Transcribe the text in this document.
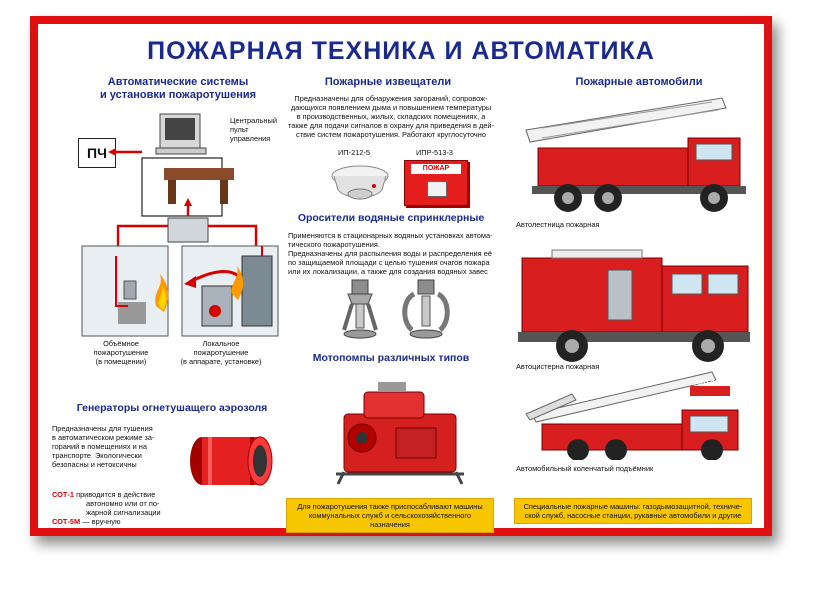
ПОЖАРНАЯ ТЕХНИКА И АВТОМАТИКА
Автоматические системы
и установки пожаротушения
ПЧ
Центральный
пульт
управления
Объёмное
пожаротушение
(в помещении)
Локальное
пожаротушение
(в аппарате, установке)
Генераторы огнетушащего аэрозоля
Предназначены для тушения
в автоматическом режиме за-
гораний в помещениях и на
транспорте. Экологически
безопасны и нетоксичны
СОТ-1 приводится в действие
автономно или от по-
жарной сигнализации
СОТ-5М — вручную
Пожарные извещатели
Предназначены для обнаружения загораний, сопровож-
дающихся появлением дыма и повышением температуры
в производственных, жилых, складских помещениях, а
также для подачи сигналов в охрану для приведения в дей-
ствие систем пожаротушения. Работают круглосуточно
ИП-212-5	ИПР-513-3
ПОЖАР
Оросители водяные спринклерные
Применяются в стационарных водяных установках автома-
тического пожаротушения.
Предназначены для распыления воды и распределения её
по защищаемой площади с целью тушения очагов пожара
или их локализации, а также для создания водяных завес
Мотопомпы различных типов
Для пожаротушения также приспосабливают машины
коммунальных служб и сельскохозяйственного
назначения
Пожарные автомобили
Автолестница пожарная
Автоцистерна пожарная
АКП-32
Автомобильный коленчатый подъёмник
Специальные пожарные машины: газодымозащитной, техниче-
ской служб, насосные станции, рукавные автомобили и другие
